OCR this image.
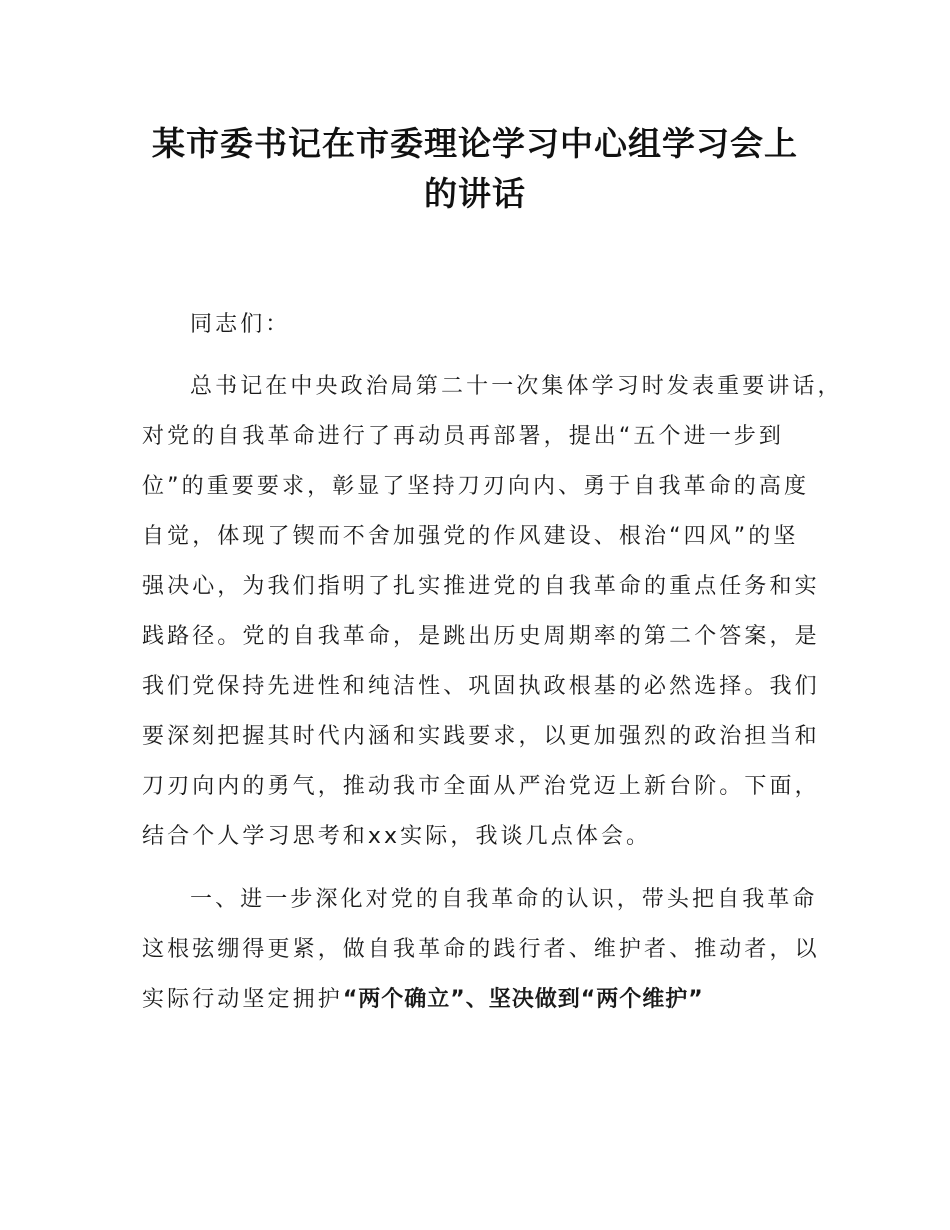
某市委书记在市委理论学习中心组学习会上
的讲话
同志们：
总书记在中央政治局第二十一次集体学习时发表重要讲话，
对党的自我革命进行了再动员再部署，提出“五个进一步到
位”的重要要求，彰显了坚持刀刃向内、勇于自我革命的高度
自觉，体现了锲而不舍加强党的作风建设、根治“四风”的坚
强决心，为我们指明了扎实推进党的自我革命的重点任务和实
践路径。党的自我革命，是跳出历史周期率的第二个答案，是
我们党保持先进性和纯洁性、巩固执政根基的必然选择。我们
要深刻把握其时代内涵和实践要求，以更加强烈的政治担当和
刀刃向内的勇气，推动我市全面从严治党迈上新台阶。下面，
结合个人学习思考和xx实际，我谈几点体会。
一、进一步深化对党的自我革命的认识，带头把自我革命
这根弦绷得更紧，做自我革命的践行者、维护者、推动者，以
实际行动坚定拥护“两个确立”、坚决做到“两个维护”
